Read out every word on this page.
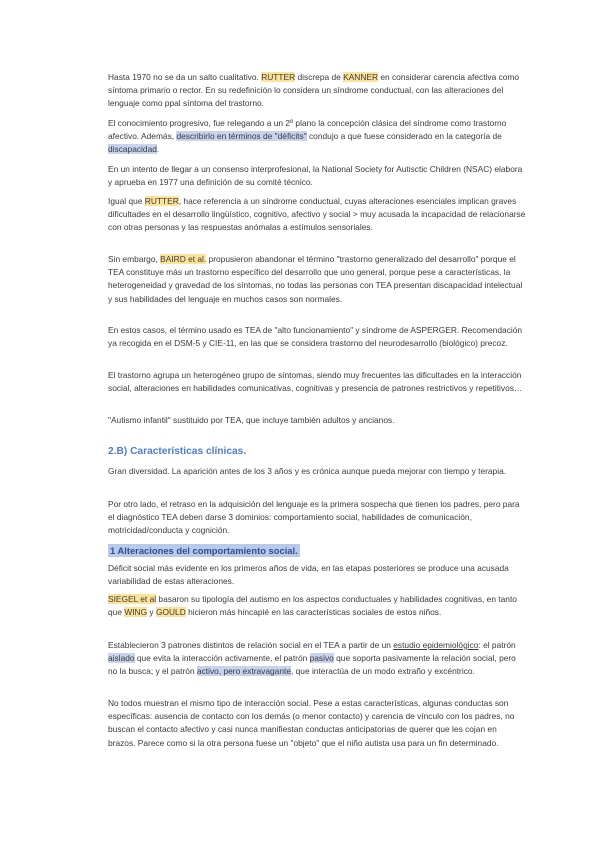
Hasta 1970 no se da un salto cualitativo. RUTTER discrepa de KANNER en considerar carencia afectiva como síntoma primario o rector. En su redefinición lo considera un síndrome conductual, con las alteraciones del lenguaje como ppal síntoma del trastorno.

El conocimiento progresivo, fue relegando a un 2º plano la concepción clásica del síndrome como trastorno afectivo. Además, describirlo en términos de "déficits" condujo a que fuese considerado en la categoría de discapacidad.

En un intento de llegar a un consenso interprofesional, la National Society for Autisctic Children (NSAC) elabora y aprueba en 1977 una definición de su comité técnico.

Igual que RUTTER, hace referencia a un síndrome conductual, cuyas alteraciones esenciales implican graves dificultades en el desarrollo lingüístico, cognitivo, afectivo y social > muy acusada la incapacidad de relacionarse con otras personas y las respuestas anómalas a estímulos sensoriales.

Sin embargo, BAIRD et al. propusieron abandonar el término "trastorno generalizado del desarrollo" porque el TEA constituye más un trastorno específico del desarrollo que uno general, porque pese a características, la heterogeneidad y gravedad de los síntomas, no todas las personas con TEA presentan discapacidad intelectual y sus habilidades del lenguaje en muchos casos son normales.

En estos casos, el término usado es TEA de "alto funcionamiento" y síndrome de ASPERGER. Recomendación ya recogida en el DSM-5 y CIE-11, en las que se considera trastorno del neurodesarrollo (biológico) precoz.

El trastorno agrupa un heterogéneo grupo de síntomas, siendo muy frecuentes las dificultades en la interacción social, alteraciones en habilidades comunicativas, cognitivas y presencia de patrones restrictivos y repetitivos…

"Autismo infantil" sustituido por TEA, que incluye también adultos y ancianos.

2.B) Características clínicas.

Gran diversidad. La aparición antes de los 3 años y es crónica aunque pueda mejorar con tiempo y terapia.

Por otro lado, el retraso en la adquisición del lenguaje es la primera sospecha que tienen los padres, pero para el diagnóstico TEA deben darse 3 dominios: comportamiento social, habilidades de comunicación, motricidad/conducta y cognición.

1 Alteraciones del comportamiento social.

Déficit social más evidente en los primeros años de vida, en las etapas posteriores se produce una acusada variabilidad de estas alteraciones.

SIEGEL et al basaron su tipología del autismo en los aspectos conductuales y habilidades cognitivas, en tanto que WING y GOULD hicieron más hincapié en las características sociales de estos niños.

Establecieron 3 patrones distintos de relación social en el TEA a partir de un estudio epidemiológico: el patrón aislado que evita la interacción activamente, el patrón pasivo que soporta pasivamente la relación social, pero no la busca; y el patrón activo, pero extravagante, que interactúa de un modo extraño y excéntrico.

No todos muestran el mismo tipo de interacción social. Pese a estas características, algunas conductas son específicas: ausencia de contacto con los demás (o menor contacto) y carencia de vínculo con los padres, no buscan el contacto afectivo y casi nunca manifiestan conductas anticipatorias de querer que les cojan en brazos. Parece como si la otra persona fuese un "objeto" que el niño autista usa para un fin determinado.
